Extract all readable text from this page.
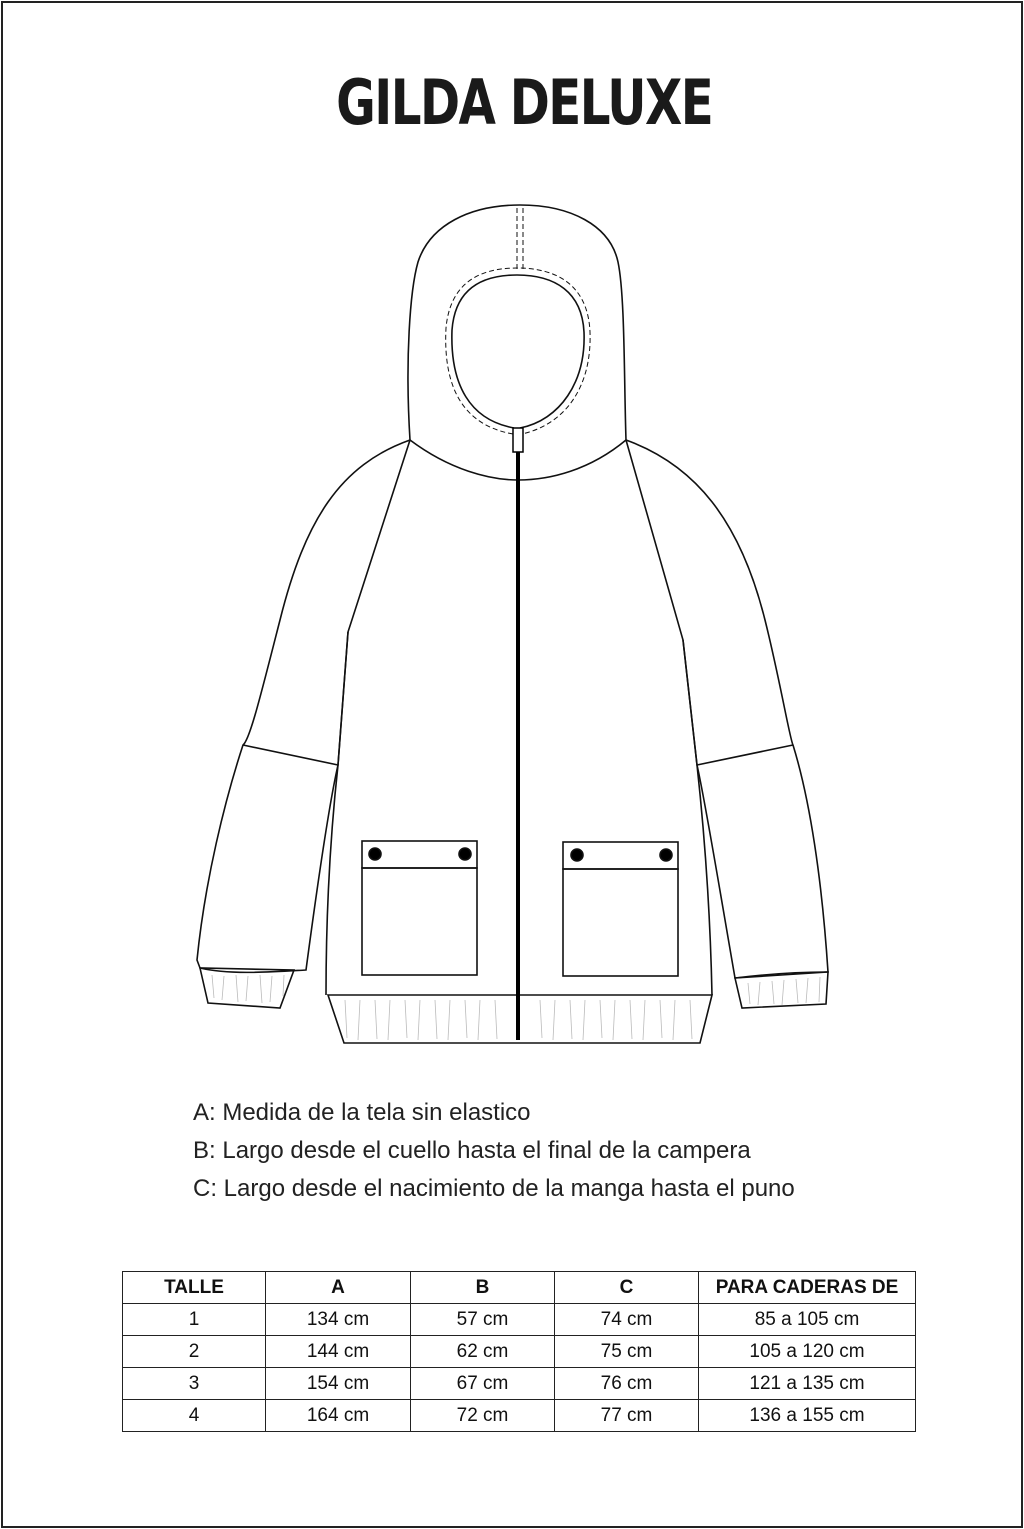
GILDA DELUXE
A: Medida de la tela sin elastico
B: Largo desde el cuello hasta el final de la campera
C: Largo desde el nacimiento de la manga hasta el puno
TALLE	A	B	C	PARA CADERAS DE
1	134 cm	57 cm	74 cm	85 a 105 cm
2	144 cm	62 cm	75 cm	105 a 120 cm
3	154 cm	67 cm	76 cm	121 a 135 cm
4	164 cm	72 cm	77 cm	136 a 155 cm
